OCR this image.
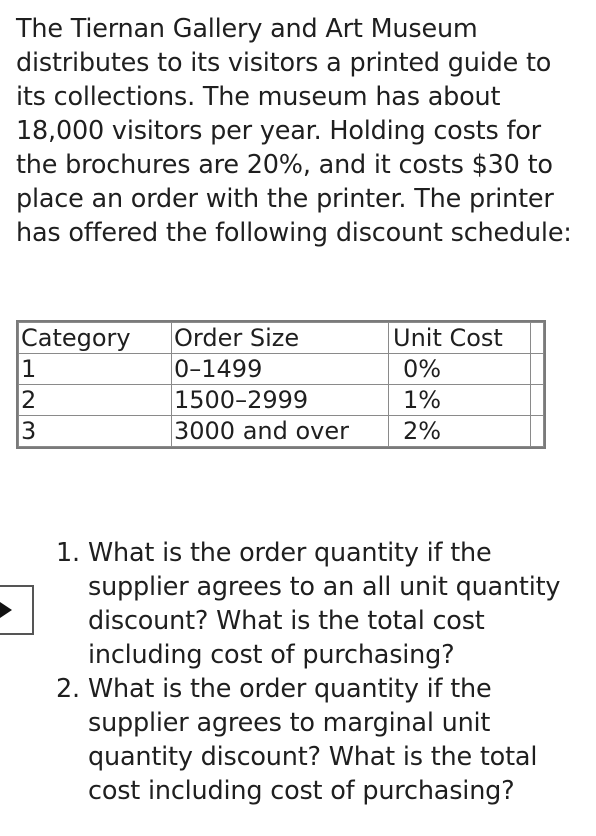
The Tiernan Gallery and Art Museum
distributes to its visitors a printed guide to
its collections. The museum has about
18,000 visitors per year. Holding costs for
the brochures are 20%, and it costs $30 to
place an order with the printer. The printer
has offered the following discount schedule:

Category	Order Size	Unit Cost	
1	0–1499	0%	
2	1500–2999	1%	
3	3000 and over	2%	
1. What is the order quantity if the
supplier agrees to an all unit quantity
discount? What is the total cost
including cost of purchasing?
2. What is the order quantity if the
supplier agrees to marginal unit
quantity discount? What is the total
cost including cost of purchasing?
